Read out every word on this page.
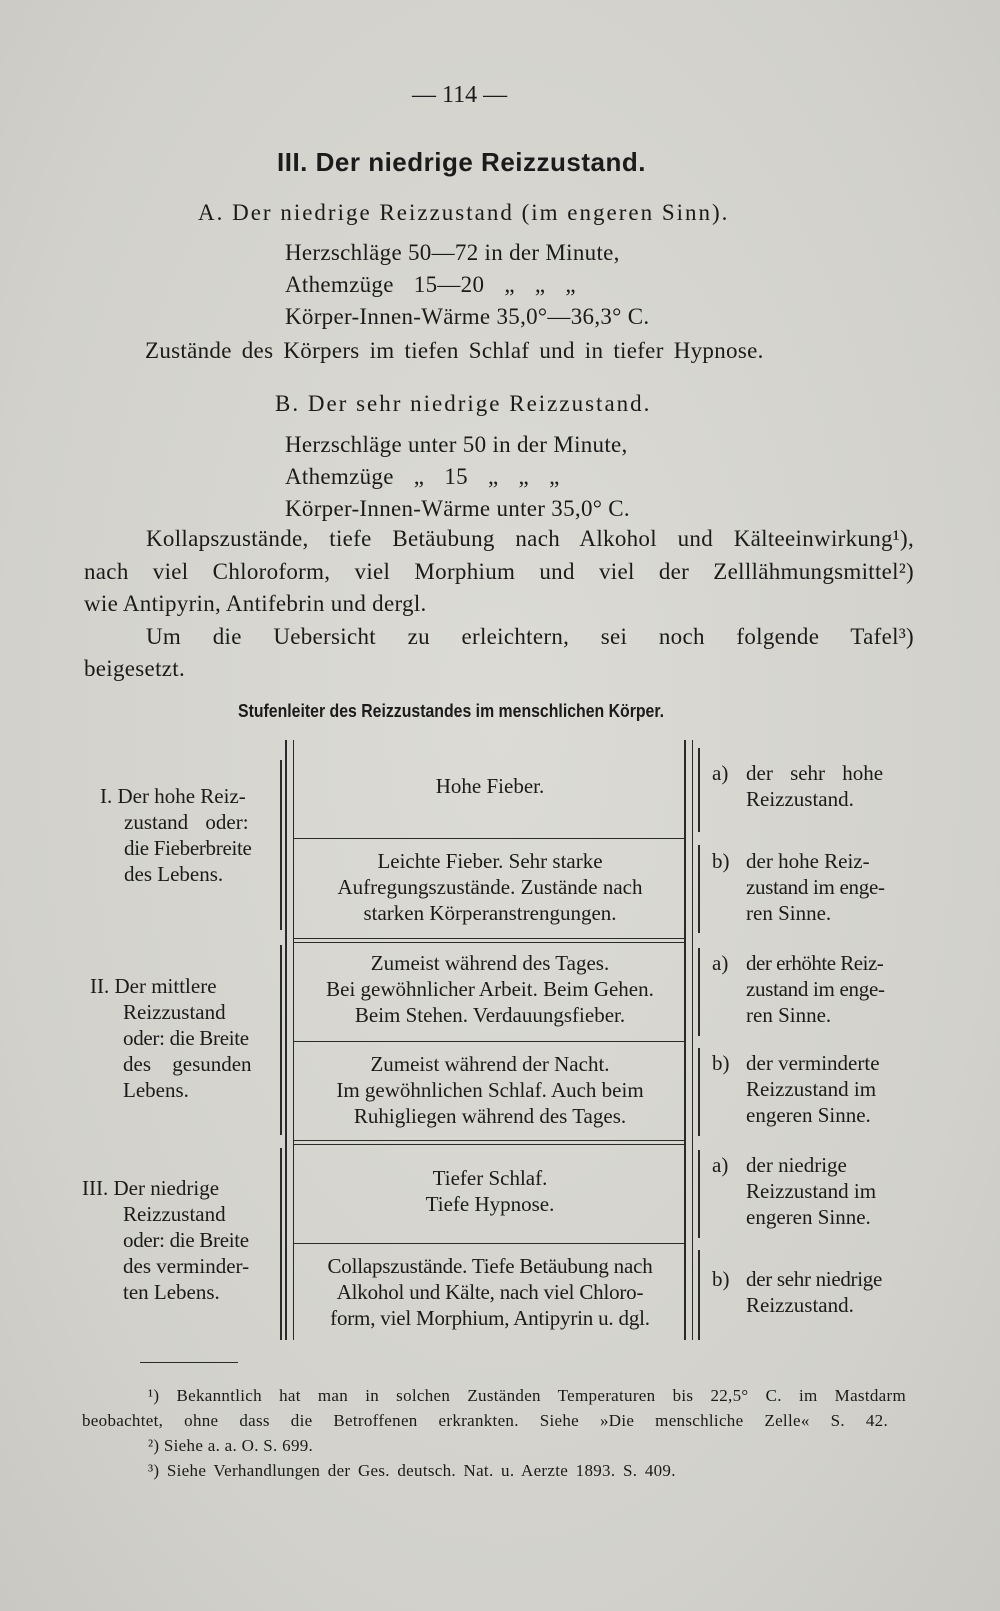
— 114 —
III. Der niedrige Reizzustand.
A. Der niedrige Reizzustand (im engeren Sinn).
Herzschläge 50—72 in der Minute,
Athemzüge 15—20 „ „ „
Körper-Innen-Wärme 35,0°—36,3° C.
Zustände des Körpers im tiefen Schlaf und in tiefer Hypnose.
B. Der sehr niedrige Reizzustand.
Herzschläge unter 50 in der Minute,
Athemzüge „ 15 „ „ „
Körper-Innen-Wärme unter 35,0° C.
Kollapszustände, tiefe Betäubung nach Alkohol und Kälteeinwirkung¹),
nach viel Chloroform, viel Morphium und viel der Zelllähmungsmittel²)
wie Antipyrin, Antifebrin und dergl.
Um die Uebersicht zu erleichtern, sei noch folgende Tafel³)
beigesetzt.
Stufenleiter des Reizzustandes im menschlichen Körper.
I. Der hohe Reiz-
zustand oder:
die Fieberbreite
des Lebens.
II. Der mittlere
Reizzustand
oder: die Breite
des gesunden
Lebens.
III. Der niedrige
Reizzustand
oder: die Breite
des verminder-
ten Lebens.
Hohe Fieber.
Leichte Fieber. Sehr starke
Aufregungszustände. Zustände nach
starken Körperanstrengungen.
Zumeist während des Tages.
Bei gewöhnlicher Arbeit. Beim Gehen.
Beim Stehen. Verdauungsfieber.
Zumeist während der Nacht.
Im gewöhnlichen Schlaf. Auch beim
Ruhigliegen während des Tages.
Tiefer Schlaf.
Tiefe Hypnose.
Collapszustände. Tiefe Betäubung nach
Alkohol und Kälte, nach viel Chloro-
form, viel Morphium, Antipyrin u. dgl.
a) der sehr hohe
Reizzustand.
b) der hohe Reiz-
zustand im enge-
ren Sinne.
a) der erhöhte Reiz-
zustand im enge-
ren Sinne.
b) der verminderte
Reizzustand im
engeren Sinne.
a) der niedrige
Reizzustand im
engeren Sinne.
b) der sehr niedrige
Reizzustand.
¹) Bekanntlich hat man in solchen Zuständen Temperaturen bis 22,5° C. im Mastdarm
beobachtet, ohne dass die Betroffenen erkrankten. Siehe »Die menschliche Zelle« S. 42.
²) Siehe a. a. O. S. 699.
³) Siehe Verhandlungen der Ges. deutsch. Nat. u. Aerzte 1893. S. 409.
